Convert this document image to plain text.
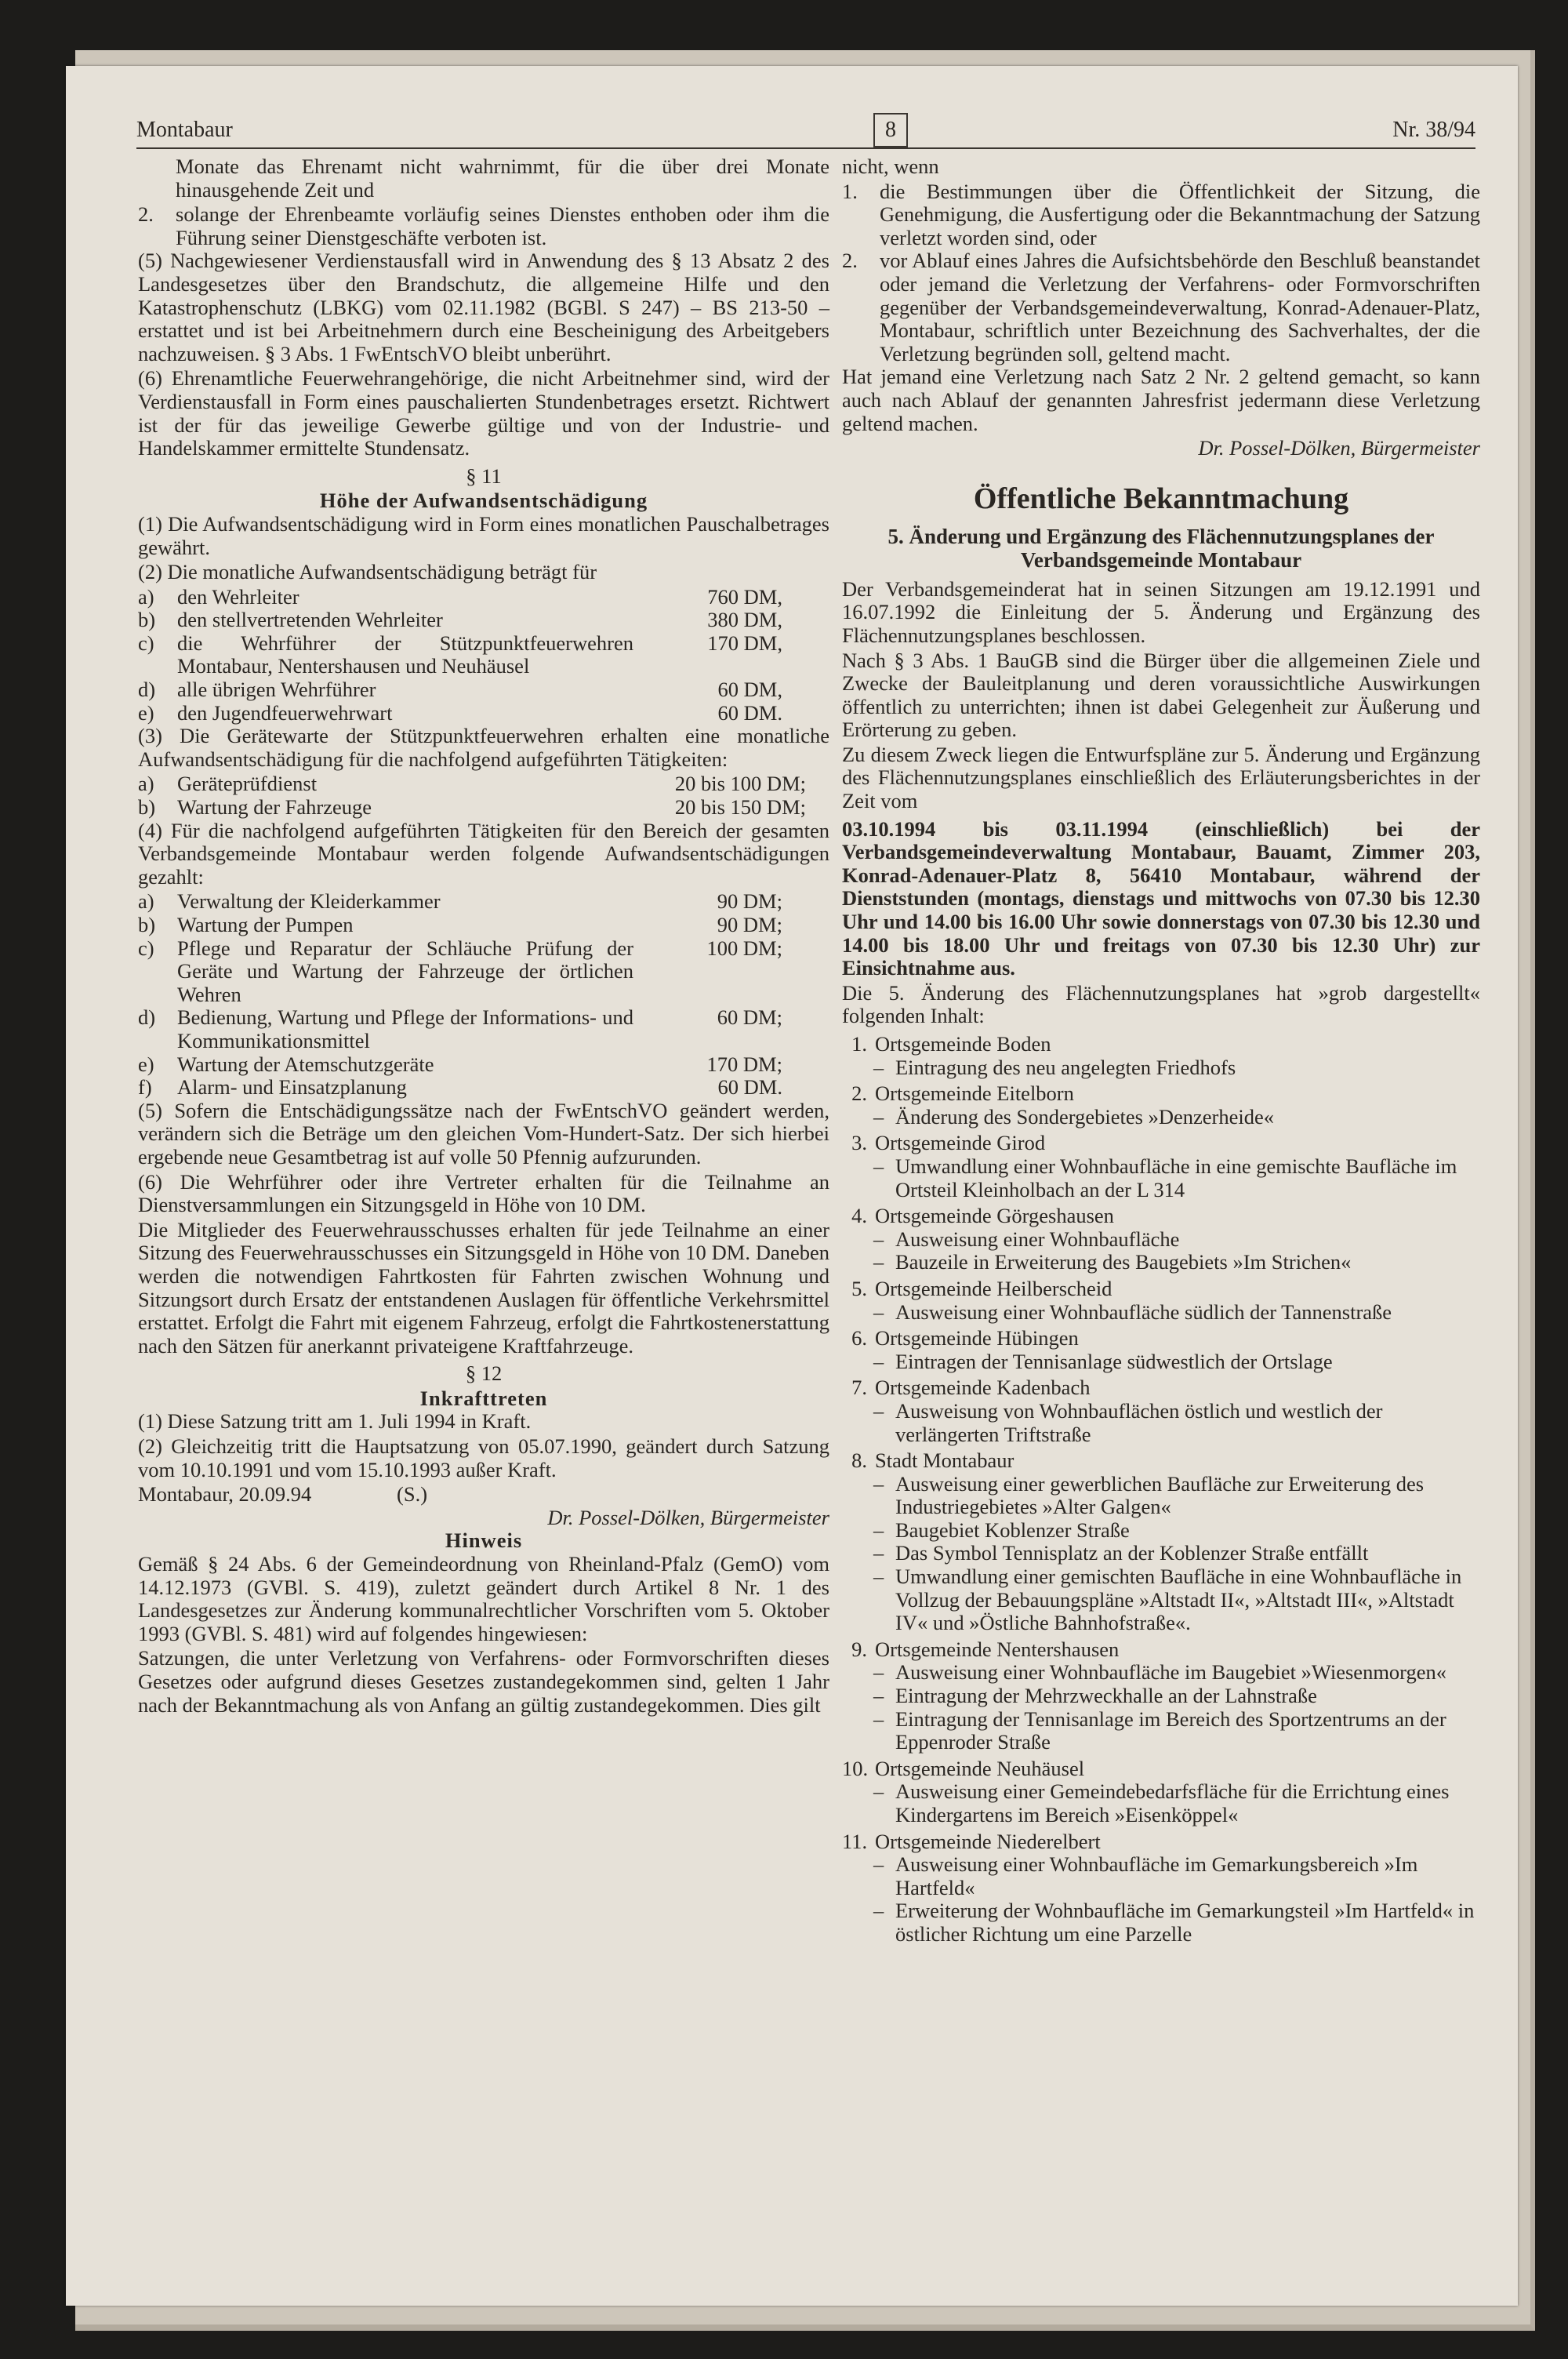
Montabaur	8	Nr. 38/94

Monate das Ehrenamt nicht wahrnimmt, für die über drei Monate hinausgehende Zeit und

2.	solange der Ehrenbeamte vorläufig seines Dienstes enthoben oder ihm die Führung seiner Dienstgeschäfte verboten ist.

(5) Nachgewiesener Verdienstausfall wird in Anwendung des § 13 Absatz 2 des Landesgesetzes über den Brandschutz, die allgemeine Hilfe und den Katastrophenschutz (LBKG) vom 02.11.1982 (BGBl. S 247) – BS 213-50 – erstattet und ist bei Arbeitnehmern durch eine Bescheinigung des Arbeitgebers nachzuweisen. § 3 Abs. 1 FwEntschVO bleibt unberührt.

(6) Ehrenamtliche Feuerwehrangehörige, die nicht Arbeitnehmer sind, wird der Verdienstausfall in Form eines pauschalierten Stundenbetrages ersetzt. Richtwert ist der für das jeweilige Gewerbe gültige und von der Industrie- und Handelskammer ermittelte Stundensatz.

§ 11
Höhe der Aufwandsentschädigung

(1) Die Aufwandsentschädigung wird in Form eines monatlichen Pauschalbetrages gewährt.

(2) Die monatliche Aufwandsentschädigung beträgt für

a)	den Wehrleiter	760 DM,
b)	den stellvertretenden Wehrleiter	380 DM,
c)	die Wehrführer der Stützpunktfeuerwehren Montabaur, Nentershausen und Neuhäusel
170 DM,
d)	alle übrigen Wehrführer	60 DM,
e)	den Jugendfeuerwehrwart	60 DM.

(3) Die Gerätewarte der Stützpunktfeuerwehren erhalten eine monatliche Aufwandsentschädigung für die nachfolgend aufgeführten Tätigkeiten:

a)	Geräteprüfdienst	20 bis 100 DM;
b)	Wartung der Fahrzeuge	20 bis 150 DM;

(4) Für die nachfolgend aufgeführten Tätigkeiten für den Bereich der gesamten Verbandsgemeinde Montabaur werden folgende Aufwandsentschädigungen gezahlt:

a)	Verwaltung der Kleiderkammer	90 DM;
b)	Wartung der Pumpen	90 DM;
c)	Pflege und Reparatur der Schläuche Prüfung der Geräte und Wartung der Fahrzeuge der örtlichen Wehren
100 DM;
d)	Bedienung, Wartung und Pflege der Informations- und Kommunikationsmittel
60 DM;
e)	Wartung der Atemschutzgeräte	170 DM;
f)	Alarm- und Einsatzplanung	60 DM.

(5) Sofern die Entschädigungssätze nach der FwEntschVO geändert werden, verändern sich die Beträge um den gleichen Vom-Hundert-Satz. Der sich hierbei ergebende neue Gesamtbetrag ist auf volle 50 Pfennig aufzurunden.

(6) Die Wehrführer oder ihre Vertreter erhalten für die Teilnahme an Dienstversammlungen ein Sitzungsgeld in Höhe von 10 DM.

Die Mitglieder des Feuerwehrausschusses erhalten für jede Teilnahme an einer Sitzung des Feuerwehrausschusses ein Sitzungsgeld in Höhe von 10 DM. Daneben werden die notwendigen Fahrtkosten für Fahrten zwischen Wohnung und Sitzungsort durch Ersatz der entstandenen Auslagen für öffentliche Verkehrsmittel erstattet. Erfolgt die Fahrt mit eigenem Fahrzeug, erfolgt die Fahrtkostenerstattung nach den Sätzen für anerkannt privateigene Kraftfahrzeuge.

§ 12
Inkrafttreten

(1) Diese Satzung tritt am 1. Juli 1994 in Kraft.

(2) Gleichzeitig tritt die Hauptsatzung von 05.07.1990, geändert durch Satzung vom 10.10.1991 und vom 15.10.1993 außer Kraft.

Montabaur, 20.09.94	(S.)
Dr. Possel-Dölken, Bürgermeister
Hinweis

Gemäß § 24 Abs. 6 der Gemeindeordnung von Rheinland-Pfalz (GemO) vom 14.12.1973 (GVBl. S. 419), zuletzt geändert durch Artikel 8 Nr. 1 des Landesgesetzes zur Änderung kommunalrechtlicher Vorschriften vom 5. Oktober 1993 (GVBl. S. 481) wird auf folgendes hingewiesen:

Satzungen, die unter Verletzung von Verfahrens- oder Formvorschriften dieses Gesetzes oder aufgrund dieses Gesetzes zustandegekommen sind, gelten 1 Jahr nach der Bekanntmachung als von Anfang an gültig zustandegekommen. Dies gilt

nicht, wenn

1.	die Bestimmungen über die Öffentlichkeit der Sitzung, die Genehmigung, die Ausfertigung oder die Bekanntmachung der Satzung verletzt worden sind, oder
2.	vor Ablauf eines Jahres die Aufsichtsbehörde den Beschluß beanstandet oder jemand die Verletzung der Verfahrens- oder Formvorschriften gegenüber der Verbandsgemeindeverwaltung, Konrad-Adenauer-Platz, Montabaur, schriftlich unter Bezeichnung des Sachverhaltes, der die Verletzung begründen soll, geltend macht.

Hat jemand eine Verletzung nach Satz 2 Nr. 2 geltend gemacht, so kann auch nach Ablauf der genannten Jahresfrist jedermann diese Verletzung geltend machen.

Dr. Possel-Dölken, Bürgermeister
Öffentliche Bekanntmachung
5. Änderung und Ergänzung des Flächennutzungsplanes der Verbandsgemeinde Montabaur

Der Verbandsgemeinderat hat in seinen Sitzungen am 19.12.1991 und 16.07.1992 die Einleitung der 5. Änderung und Ergänzung des Flächennutzungsplanes beschlossen.

Nach § 3 Abs. 1 BauGB sind die Bürger über die allgemeinen Ziele und Zwecke der Bauleitplanung und deren voraussichtliche Auswirkungen öffentlich zu unterrichten; ihnen ist dabei Gelegenheit zur Äußerung und Erörterung zu geben.

Zu diesem Zweck liegen die Entwurfspläne zur 5. Änderung und Ergänzung des Flächennutzungsplanes einschließlich des Erläuterungsberichtes in der Zeit vom

03.10.1994 bis 03.11.1994 (einschließlich) bei der Verbandsgemeindeverwaltung Montabaur, Bauamt, Zimmer 203, Konrad-Adenauer-Platz 8, 56410 Montabaur, während der Dienststunden (montags, dienstags und mittwochs von 07.30 bis 12.30 Uhr und 14.00 bis 16.00 Uhr sowie donnerstags von 07.30 bis 12.30 und 14.00 bis 18.00 Uhr und freitags von 07.30 bis 12.30 Uhr) zur Einsichtnahme aus.

Die 5. Änderung des Flächennutzungsplanes hat »grob dargestellt« folgenden Inhalt:

1. Ortsgemeinde Boden
– Eintragung des neu angelegten Friedhofs
2. Ortsgemeinde Eitelborn
– Änderung des Sondergebietes »Denzerheide«
3. Ortsgemeinde Girod
– Umwandlung einer Wohnbaufläche in eine gemischte Baufläche im Ortsteil Kleinholbach an der L 314
4. Ortsgemeinde Görgeshausen
– Ausweisung einer Wohnbaufläche
– Bauzeile in Erweiterung des Baugebiets »Im Strichen«
5. Ortsgemeinde Heilberscheid
– Ausweisung einer Wohnbaufläche südlich der Tannenstraße
6. Ortsgemeinde Hübingen
– Eintragen der Tennisanlage südwestlich der Ortslage
7. Ortsgemeinde Kadenbach
– Ausweisung von Wohnbauflächen östlich und westlich der verlängerten Triftstraße
8. Stadt Montabaur
– Ausweisung einer gewerblichen Baufläche zur Erweiterung des Industriegebietes »Alter Galgen«
– Baugebiet Koblenzer Straße
– Das Symbol Tennisplatz an der Koblenzer Straße entfällt
– Umwandlung einer gemischten Baufläche in eine Wohnbaufläche in Vollzug der Bebauungspläne »Altstadt II«, »Altstadt III«, »Altstadt IV« und »Östliche Bahnhofstraße«.
9. Ortsgemeinde Nentershausen
– Ausweisung einer Wohnbaufläche im Baugebiet »Wiesenmorgen«
– Eintragung der Mehrzweckhalle an der Lahnstraße
– Eintragung der Tennisanlage im Bereich des Sportzentrums an der Eppenroder Straße
10. Ortsgemeinde Neuhäusel
– Ausweisung einer Gemeindebedarfsfläche für die Errichtung eines Kindergartens im Bereich »Eisenköppel«
11. Ortsgemeinde Niederelbert
– Ausweisung einer Wohnbaufläche im Gemarkungsbereich »Im Hartfeld«
– Erweiterung der Wohnbaufläche im Gemarkungsteil »Im Hartfeld« in östlicher Richtung um eine Parzelle
